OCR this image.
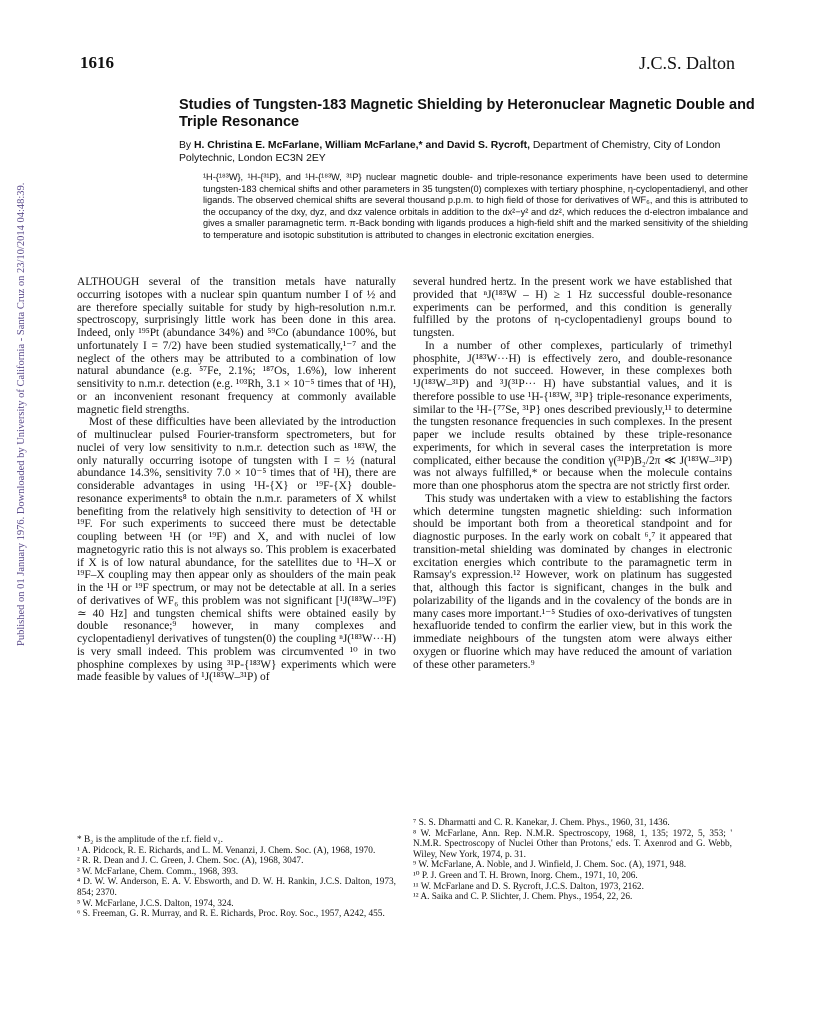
1616	J.C.S. Dalton
Published on 01 January 1976. Downloaded by University of California - Santa Cruz on 23/10/2014 04:48:39.
Studies of Tungsten-183 Magnetic Shielding by Heteronuclear Magnetic Double and Triple Resonance
By H. Christina E. McFarlane, William McFarlane,* and David S. Rycroft, Department of Chemistry, City of London Polytechnic, London EC3N 2EY
¹H-{¹⁸³W}, ¹H-{³¹P}, and ¹H-{¹⁸³W, ³¹P} nuclear magnetic double- and triple-resonance experiments have been used to determine tungsten-183 chemical shifts and other parameters in 35 tungsten(0) complexes with tertiary phosphine, η-cyclopentadienyl, and other ligands. The observed chemical shifts are several thousand p.p.m. to high field of those for derivatives of WF₆, and this is attributed to the occupancy of the dxy, dyz, and dxz valence orbitals in addition to the dx²−y² and dz², which reduces the d-electron imbalance and gives a smaller paramagnetic term. π-Back bonding with ligands produces a high-field shift and the marked sensitivity of the shielding to temperature and isotopic substitution is attributed to changes in electronic excitation energies.

ALTHOUGH several of the transition metals have naturally occurring isotopes with a nuclear spin quantum number I of ½ and are therefore specially suitable for study by high-resolution n.m.r. spectroscopy, surprisingly little work has been done in this area. Indeed, only ¹⁹⁵Pt (abundance 34%) and ⁵⁹Co (abundance 100%, but unfortunately I = 7/2) have been studied systematically,¹⁻⁷ and the neglect of the others may be attributed to a combination of low natural abundance (e.g. ⁵⁷Fe, 2.1%; ¹⁸⁷Os, 1.6%), low inherent sensitivity to n.m.r. detection (e.g. ¹⁰³Rh, 3.1 × 10⁻⁵ times that of ¹H), or an inconvenient resonant frequency at commonly available magnetic field strengths.

Most of these difficulties have been alleviated by the introduction of multinuclear pulsed Fourier-transform spectrometers, but for nuclei of very low sensitivity to n.m.r. detection such as ¹⁸³W, the only naturally occurring isotope of tungsten with I = ½ (natural abundance 14.3%, sensitivity 7.0 × 10⁻⁵ times that of ¹H), there are considerable advantages in using ¹H-{X} or ¹⁹F-{X} double-resonance experiments⁸ to obtain the n.m.r. parameters of X whilst benefiting from the relatively high sensitivity to detection of ¹H or ¹⁹F. For such experiments to succeed there must be detectable coupling between ¹H (or ¹⁹F) and X, and with nuclei of low magnetogyric ratio this is not always so. This problem is exacerbated if X is of low natural abundance, for the satellites due to ¹H–X or ¹⁹F–X coupling may then appear only as shoulders of the main peak in the ¹H or ¹⁹F spectrum, or may not be detectable at all. In a series of derivatives of WF₆ this problem was not significant [¹J(¹⁸³W–¹⁹F) ≃ 40 Hz] and tungsten chemical shifts were obtained easily by double resonance;⁹ however, in many complexes and cyclopentadienyl derivatives of tungsten(0) the coupling ⁿJ(¹⁸³W···H) is very small indeed. This problem was circumvented ¹⁰ in two phosphine complexes by using ³¹P-{¹⁸³W} experiments which were made feasible by values of ¹J(¹⁸³W–³¹P) of

several hundred hertz. In the present work we have established that provided that ⁿJ(¹⁸³W – H) ≥ 1 Hz successful double-resonance experiments can be performed, and this condition is generally fulfilled by the protons of η-cyclopentadienyl groups bound to tungsten.

In a number of other complexes, particularly of trimethyl phosphite, J(¹⁸³W···H) is effectively zero, and double-resonance experiments do not succeed. However, in these complexes both ¹J(¹⁸³W–³¹P) and ³J(³¹P··· H) have substantial values, and it is therefore possible to use ¹H-{¹⁸³W, ³¹P} triple-resonance experiments, similar to the ¹H-{⁷⁷Se, ³¹P} ones described previously,¹¹ to determine the tungsten resonance frequencies in such complexes. In the present paper we include results obtained by these triple-resonance experiments, for which in several cases the interpretation is more complicated, either because the condition γ(³¹P)B₂/2π ≪ J(¹⁸³W–³¹P) was not always fulfilled,* or because when the molecule contains more than one phosphorus atom the spectra are not strictly first order.

This study was undertaken with a view to establishing the factors which determine tungsten magnetic shielding: such information should be important both from a theoretical standpoint and for diagnostic purposes. In the early work on cobalt ⁶,⁷ it appeared that transition-metal shielding was dominated by changes in electronic excitation energies which contribute to the paramagnetic term in Ramsay's expression.¹² However, work on platinum has suggested that, although this factor is significant, changes in the bulk and polarizability of the ligands and in the covalency of the bonds are in many cases more important.¹⁻⁵ Studies of oxo-derivatives of tungsten hexafluoride tended to confirm the earlier view, but in this work the immediate neighbours of the tungsten atom were always either oxygen or fluorine which may have reduced the amount of variation of these other parameters.⁹

* B₂ is the amplitude of the r.f. field ν₂.

¹ A. Pidcock, R. E. Richards, and L. M. Venanzi, J. Chem. Soc. (A), 1968, 1970.

² R. R. Dean and J. C. Green, J. Chem. Soc. (A), 1968, 3047.

³ W. McFarlane, Chem. Comm., 1968, 393.

⁴ D. W. W. Anderson, E. A. V. Ebsworth, and D. W. H. Rankin, J.C.S. Dalton, 1973, 854; 2370.

⁵ W. McFarlane, J.C.S. Dalton, 1974, 324.

⁶ S. Freeman, G. R. Murray, and R. E. Richards, Proc. Roy. Soc., 1957, A242, 455.

⁷ S. S. Dharmatti and C. R. Kanekar, J. Chem. Phys., 1960, 31, 1436.

⁸ W. McFarlane, Ann. Rep. N.M.R. Spectroscopy, 1968, 1, 135; 1972, 5, 353; ' N.M.R. Spectroscopy of Nuclei Other than Protons,' eds. T. Axenrod and G. Webb, Wiley, New York, 1974, p. 31.

⁹ W. McFarlane, A. Noble, and J. Winfield, J. Chem. Soc. (A), 1971, 948.

¹⁰ P. J. Green and T. H. Brown, Inorg. Chem., 1971, 10, 206.

¹¹ W. McFarlane and D. S. Rycroft, J.C.S. Dalton, 1973, 2162.

¹² A. Saika and C. P. Slichter, J. Chem. Phys., 1954, 22, 26.
